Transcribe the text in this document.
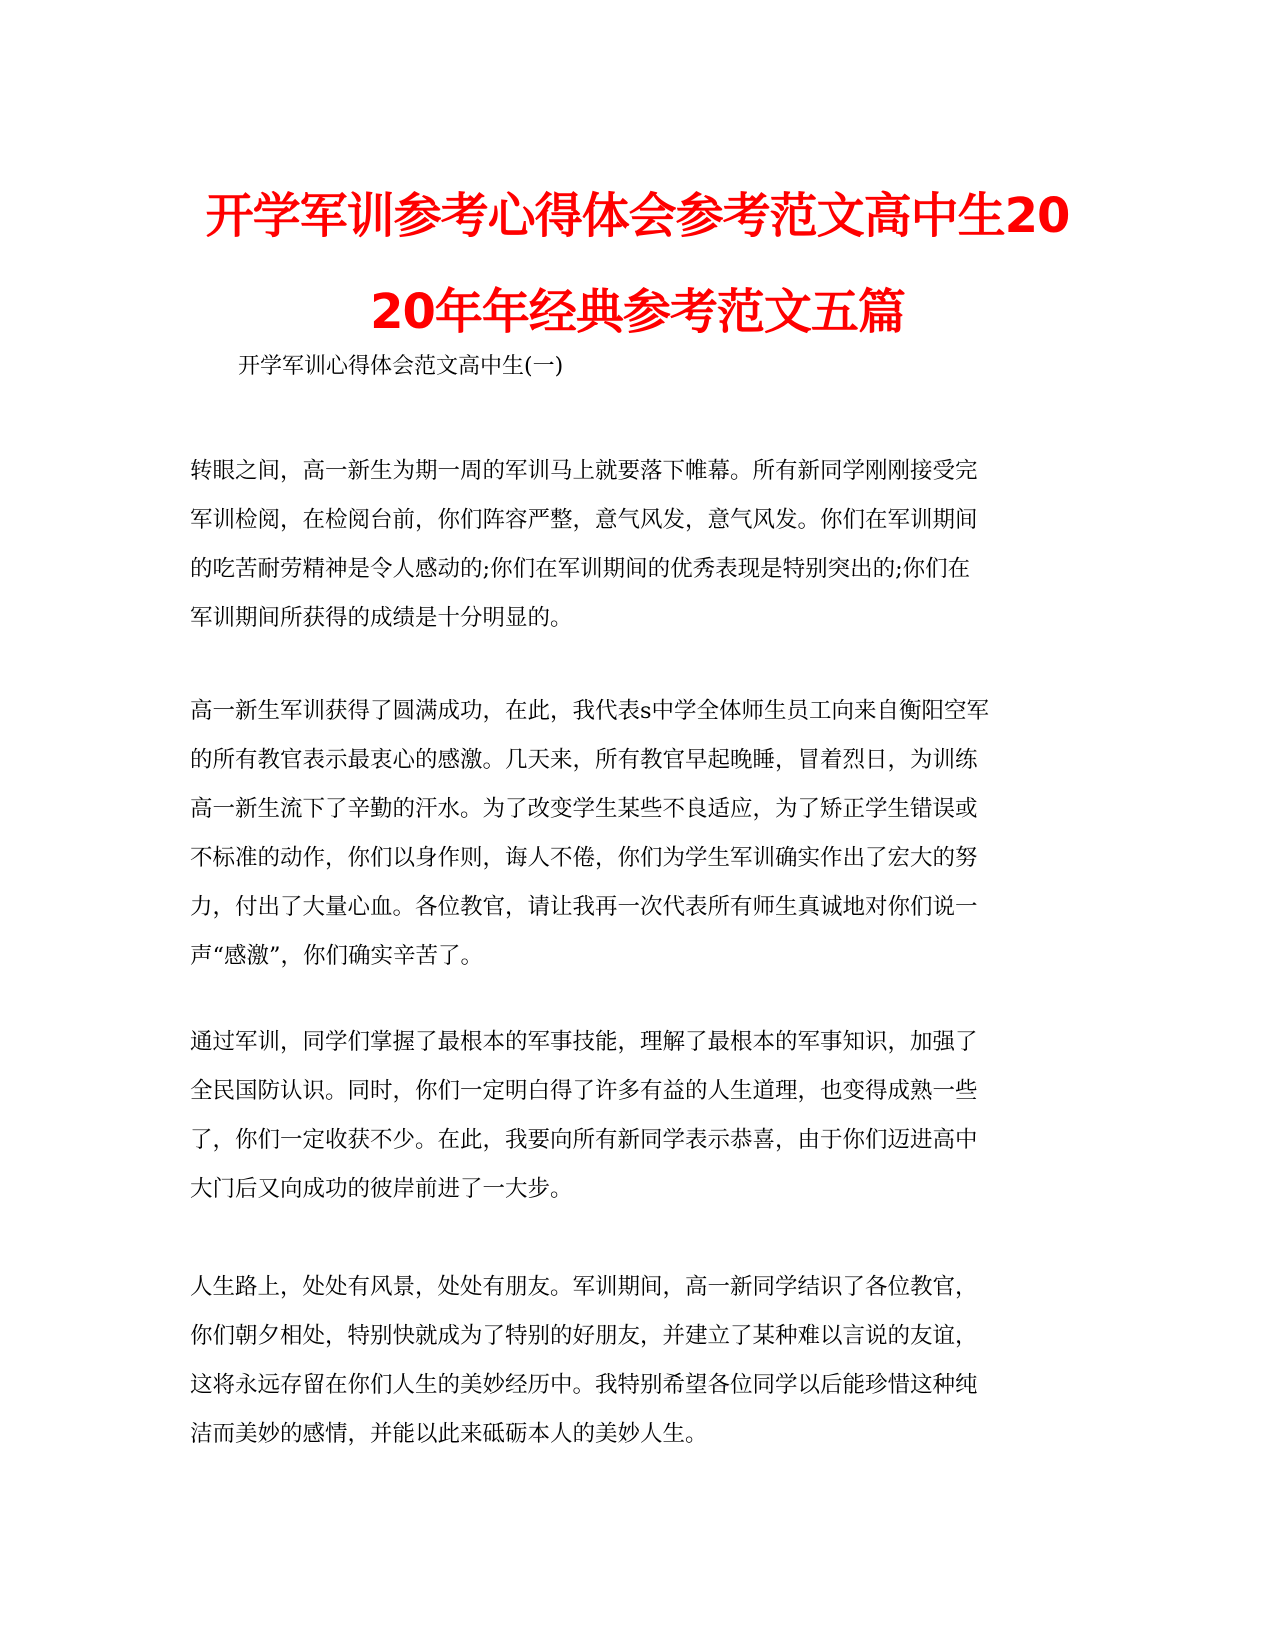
开学军训参考心得体会参考范文高中生20
20年年经典参考范文五篇
开学军训心得体会范文高中生(一)

转眼之间，高一新生为期一周的军训马上就要落下帷幕。所有新同学刚刚接受完

军训检阅，在检阅台前，你们阵容严整，意气风发，意气风发。你们在军训期间

的吃苦耐劳精神是令人感动的;你们在军训期间的优秀表现是特别突出的;你们在

军训期间所获得的成绩是十分明显的。

高一新生军训获得了圆满成功，在此，我代表s中学全体师生员工向来自衡阳空军

的所有教官表示最衷心的感激。几天来，所有教官早起晚睡，冒着烈日，为训练

高一新生流下了辛勤的汗水。为了改变学生某些不良适应，为了矫正学生错误或

不标准的动作，你们以身作则，诲人不倦，你们为学生军训确实作出了宏大的努

力，付出了大量心血。各位教官，请让我再一次代表所有师生真诚地对你们说一

声“感激”，你们确实辛苦了。

通过军训，同学们掌握了最根本的军事技能，理解了最根本的军事知识，加强了

全民国防认识。同时，你们一定明白得了许多有益的人生道理，也变得成熟一些

了，你们一定收获不少。在此，我要向所有新同学表示恭喜，由于你们迈进高中

大门后又向成功的彼岸前进了一大步。

人生路上，处处有风景，处处有朋友。军训期间，高一新同学结识了各位教官，

你们朝夕相处，特别快就成为了特别的好朋友，并建立了某种难以言说的友谊，

这将永远存留在你们人生的美妙经历中。我特别希望各位同学以后能珍惜这种纯

洁而美妙的感情，并能以此来砥砺本人的美妙人生。
